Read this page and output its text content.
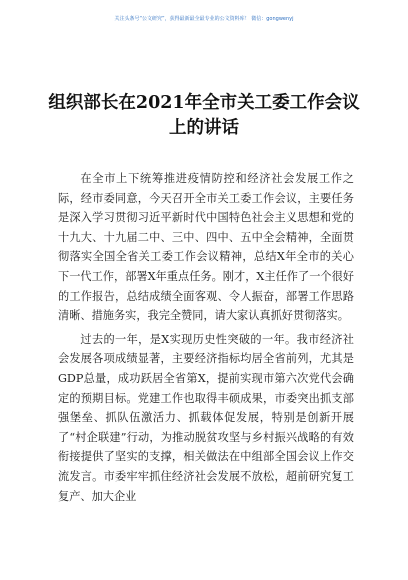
关注头条号“公文研究”，获得最新最全最专业的公文资料库！ 微信：gongwenyj
组织部长在2021年全市关工委工作会议上的讲话

在全市上下统筹推进疫情防控和经济社会发展工作之际，经市委同意，今天召开全市关工委工作会议，主要任务是深入学习贯彻习近平新时代中国特色社会主义思想和党的十九大、十九届二中、三中、四中、五中全会精神，全面贯彻落实全国全省关工委工作会议精神，总结X年全市的关心下一代工作，部署X年重点任务。刚才，X主任作了一个很好的工作报告，总结成绩全面客观、令人振奋，部署工作思路清晰、措施务实，我完全赞同，请大家认真抓好贯彻落实。

过去的一年，是X实现历史性突破的一年。我市经济社会发展各项成绩显著，主要经济指标均居全省前列，尤其是GDP总量，成功跃居全省第X，提前实现市第六次党代会确定的预期目标。党建工作也取得丰硕成果，市委突出抓支部强堡垒、抓队伍激活力、抓载体促发展，特别是创新开展了“村企联建”行动，为推动脱贫攻坚与乡村振兴战略的有效衔接提供了坚实的支撑，相关做法在中组部全国会议上作交流发言。市委牢牢抓住经济社会发展不放松，超前研究复工复产、加大企业
